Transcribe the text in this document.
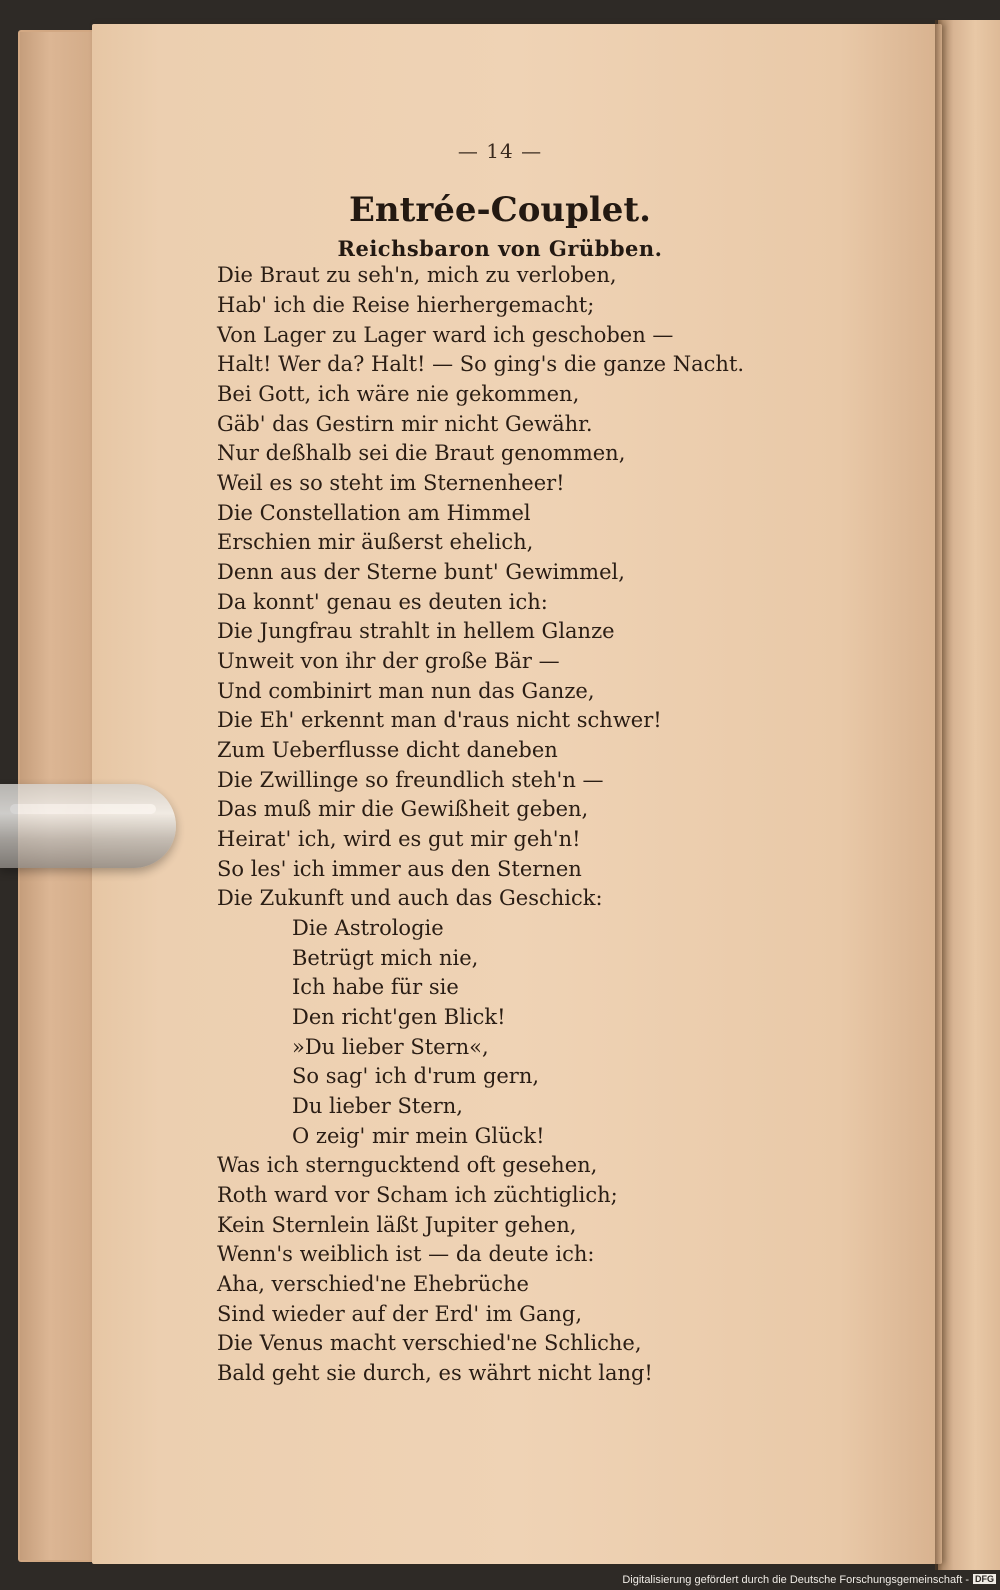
— 14 —
Entrée-Couplet.
Reichsbaron von Grübben.
Die Braut zu seh'n, mich zu verloben,
Hab' ich die Reise hierhergemacht;
Von Lager zu Lager ward ich geschoben —
Halt! Wer da? Halt! — So ging's die ganze Nacht.
Bei Gott, ich wäre nie gekommen,
Gäb' das Gestirn mir nicht Gewähr.
Nur deßhalb sei die Braut genommen,
Weil es so steht im Sternenheer!
Die Constellation am Himmel
Erschien mir äußerst ehelich,
Denn aus der Sterne bunt' Gewimmel,
Da konnt' genau es deuten ich:
Die Jungfrau strahlt in hellem Glanze
Unweit von ihr der große Bär —
Und combinirt man nun das Ganze,
Die Eh' erkennt man d'raus nicht schwer!
Zum Ueberflusse dicht daneben
Die Zwillinge so freundlich steh'n —
Das muß mir die Gewißheit geben,
Heirat' ich, wird es gut mir geh'n!
So les' ich immer aus den Sternen
Die Zukunft und auch das Geschick:
Die Astrologie
Betrügt mich nie,
Ich habe für sie
Den richt'gen Blick!
»Du lieber Stern«,
So sag' ich d'rum gern,
Du lieber Stern,
O zeig' mir mein Glück!
Was ich sterngucktend oft gesehen,
Roth ward vor Scham ich züchtiglich;
Kein Sternlein läßt Jupiter gehen,
Wenn's weiblich ist — da deute ich:
Aha, verschied'ne Ehebrüche
Sind wieder auf der Erd' im Gang,
Die Venus macht verschied'ne Schliche,
Bald geht sie durch, es währt nicht lang!
Digitalisierung gefördert durch die Deutsche Forschungsgemeinschaft - DFG
